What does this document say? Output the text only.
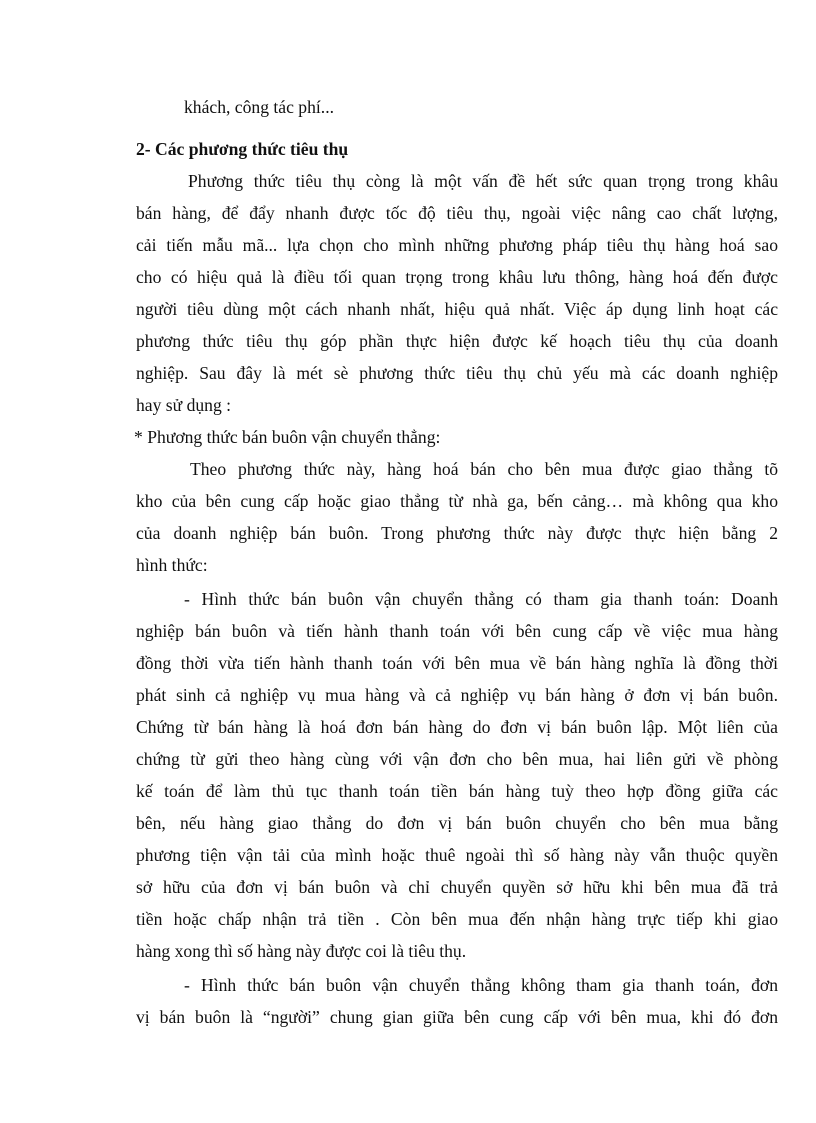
khách, công tác phí...
2- Các phương thức tiêu thụ
Phương thức tiêu thụ còng là một vấn đề hết sức quan trọng trong khâu
bán hàng, để đẩy nhanh được tốc độ tiêu thụ, ngoài việc nâng cao chất lượng,
cải tiến mẫu mã... lựa chọn cho mình những phương pháp tiêu thụ hàng hoá sao
cho có hiệu quả là điều tối quan trọng trong khâu lưu thông, hàng hoá đến được
người tiêu dùng một cách nhanh nhất, hiệu quả nhất. Việc áp dụng linh hoạt các
phương thức tiêu thụ góp phần thực hiện được kế hoạch tiêu thụ của doanh
nghiệp. Sau đây là mét sè phương thức tiêu thụ chủ yếu mà các doanh nghiệp
hay sử dụng :
* Phương thức bán buôn vận chuyển thẳng:
Theo phương thức này, hàng hoá bán cho bên mua được giao thẳng tõ
kho của bên cung cấp hoặc giao thẳng từ nhà ga, bến cảng… mà không qua kho
của doanh nghiệp bán buôn. Trong phương thức này được thực hiện bằng 2
hình thức:
- Hình thức bán buôn vận chuyển thẳng có tham gia thanh toán: Doanh
nghiệp bán buôn và tiến hành thanh toán với bên cung cấp về việc mua hàng
đồng thời vừa tiến hành thanh toán với bên mua về bán hàng nghĩa là đồng thời
phát sinh cả nghiệp vụ mua hàng và cả nghiệp vụ bán hàng ở đơn vị bán buôn.
Chứng từ bán hàng là hoá đơn bán hàng do đơn vị bán buôn lập. Một liên của
chứng từ gửi theo hàng cùng với vận đơn cho bên mua, hai liên gửi về phòng
kế toán để làm thủ tục thanh toán tiền bán hàng tuỳ theo hợp đồng giữa các
bên, nếu hàng giao thẳng do đơn vị bán buôn chuyển cho bên mua bằng
phương tiện vận tải của mình hoặc thuê ngoài thì số hàng này vẫn thuộc quyền
sở hữu của đơn vị bán buôn và chỉ chuyển quyền sở hữu khi bên mua đã trả
tiền hoặc chấp nhận trả tiền . Còn bên mua đến nhận hàng trực tiếp khi giao
hàng xong thì số hàng này được coi là tiêu thụ.
- Hình thức bán buôn vận chuyển thẳng không tham gia thanh toán, đơn
vị bán buôn là “người” chung gian giữa bên cung cấp với bên mua, khi đó đơn
